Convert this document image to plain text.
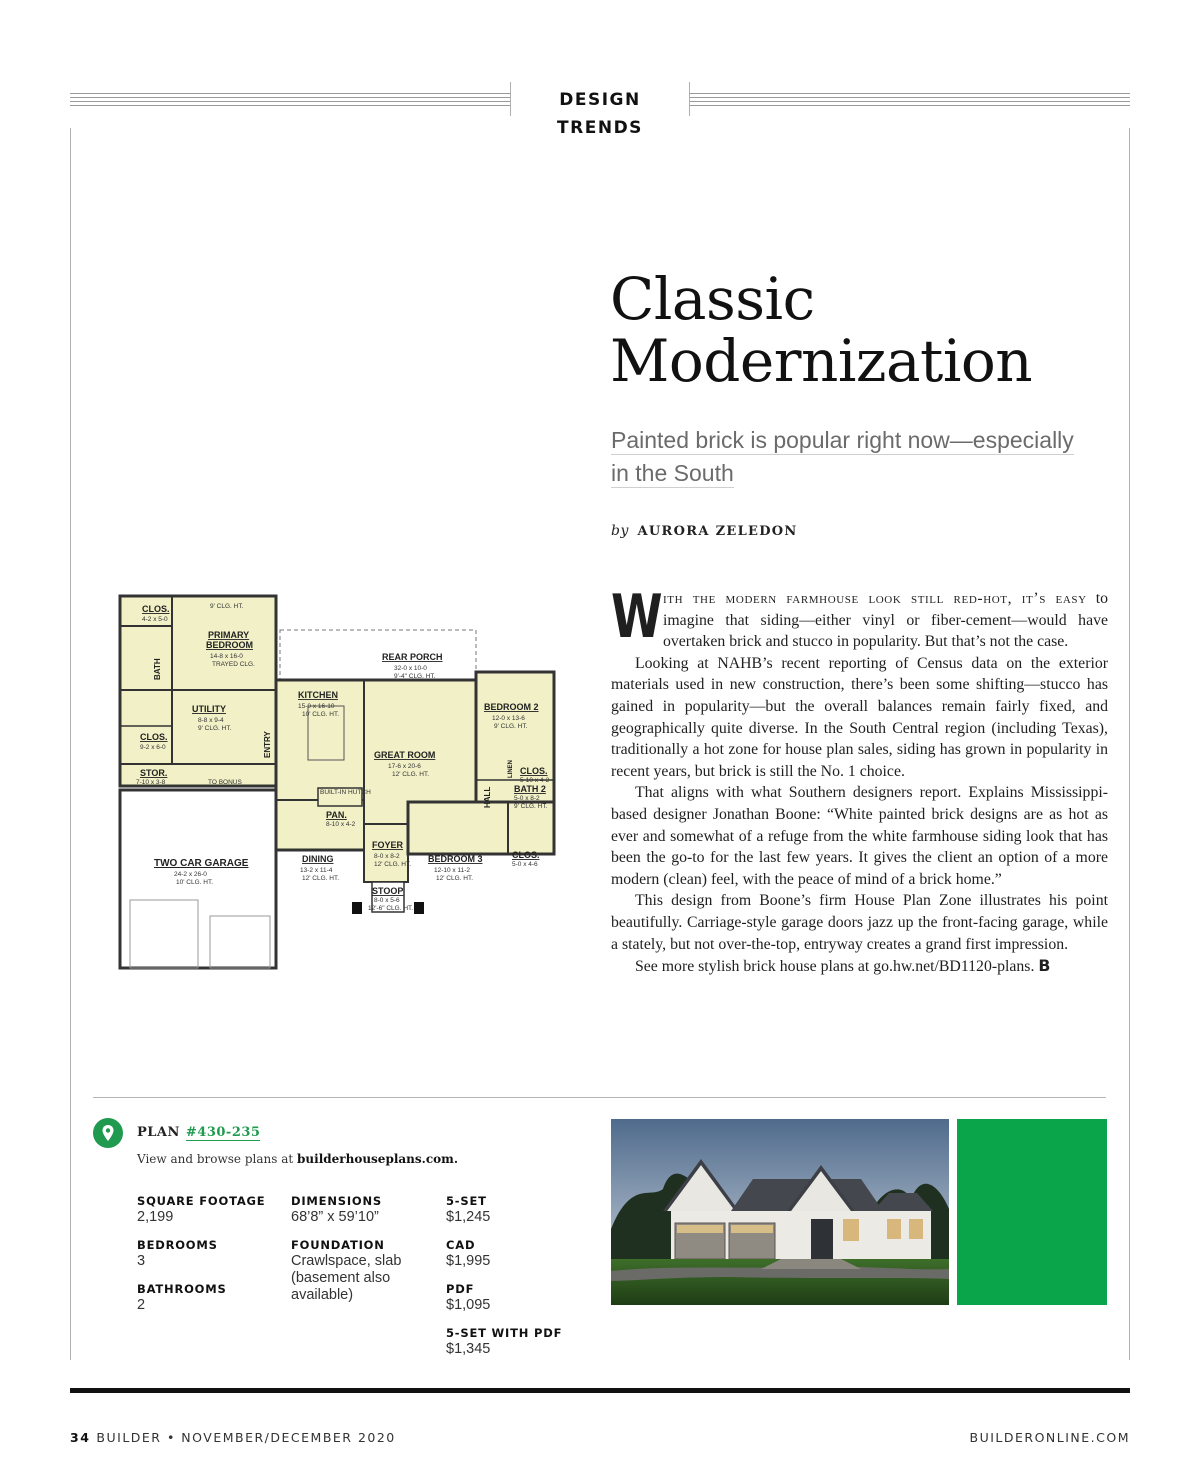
DESIGN TRENDS
Classic
Modernization
Painted brick is popular right now—especially
in the South
by AURORA ZELEDON

With the modern farmhouse look still red-hot, it’s easy to imagine that siding—either vinyl or fiber-cement—would have overtaken brick and stucco in popularity. But that’s not the case.

Looking at NAHB’s recent reporting of Census data on the exterior materials used in new construction, there’s been some shifting—stucco has gained in popularity—but the overall balances remain fairly fixed, and geographically quite diverse. In the South Central region (including Texas), traditionally a hot zone for house plan sales, siding has grown in popularity in recent years, but brick is still the No. 1 choice.

That aligns with what Southern designers report. Explains Mississippi-based designer Jonathan Boone: “White painted brick designs are as hot as ever and somewhat of a refuge from the white farmhouse siding look that has been the go-to for the last few years. It gives the client an option of a more modern (clean) feel, with the peace of mind of a brick home.”

This design from Boone’s firm House Plan Zone illustrates his point beautifully. Carriage-style garage doors jazz up the front-facing garage, while a stately, but not over-the-top, entryway creates a grand first impression.

See more stylish brick house plans at go.hw.net/BD1120-plans. B

CLOS.
PRIMARY
BEDROOM
UTILITY
CLOS.
STOR.
KITCHEN
REAR PORCH
GREAT ROOM
BEDROOM 2
TWO CAR GARAGE	DINING
FOYER
BEDROOM 3	CLOS.
STOOP
PAN.
BATH 2
CLOS.
4-2 x 5-0
14-8 x 16-0
TRAYED CLG.
9' CLG. HT.
8-8 x 9-4
9' CLG. HT.
9-2 x 6-0
7-10 x 3-8	TO BONUS
15-0 x 16-10
10' CLG. HT.
32-0 x 10-0
9'-4" CLG. HT.
17-6 x 20-6
12' CLG. HT.
12-0 x 13-6
9' CLG. HT.
24-2 x 26-0
10' CLG. HT.
13-2 x 11-4
12' CLG. HT.
8-0 x 8-2
12' CLG. HT.
12-10 x 11-2
12' CLG. HT.
5-0 x 4-6
8-0 x 5-6
12'-6" CLG. HT.
8-10 x 4-2
BUILT-IN HUTCH
5-0 x 8-2
9' CLG. HT.
5-10 x 4-2
BATH
ENTRY
HALL
LINEN
PLAN #430-235
View and browse plans at builderhouseplans.com.
SQUARE FOOTAGE
2,199
BEDROOMS
3
BATHROOMS
2
DIMENSIONS
68’8” x 59’10”
FOUNDATION
Crawlspace, slab (basement also available)
5-SET
$1,245
CAD
$1,995
PDF
$1,095
5-SET WITH PDF
$1,345
34 BUILDER • NOVEMBER/DECEMBER 2020	BUILDERONLINE.COM
